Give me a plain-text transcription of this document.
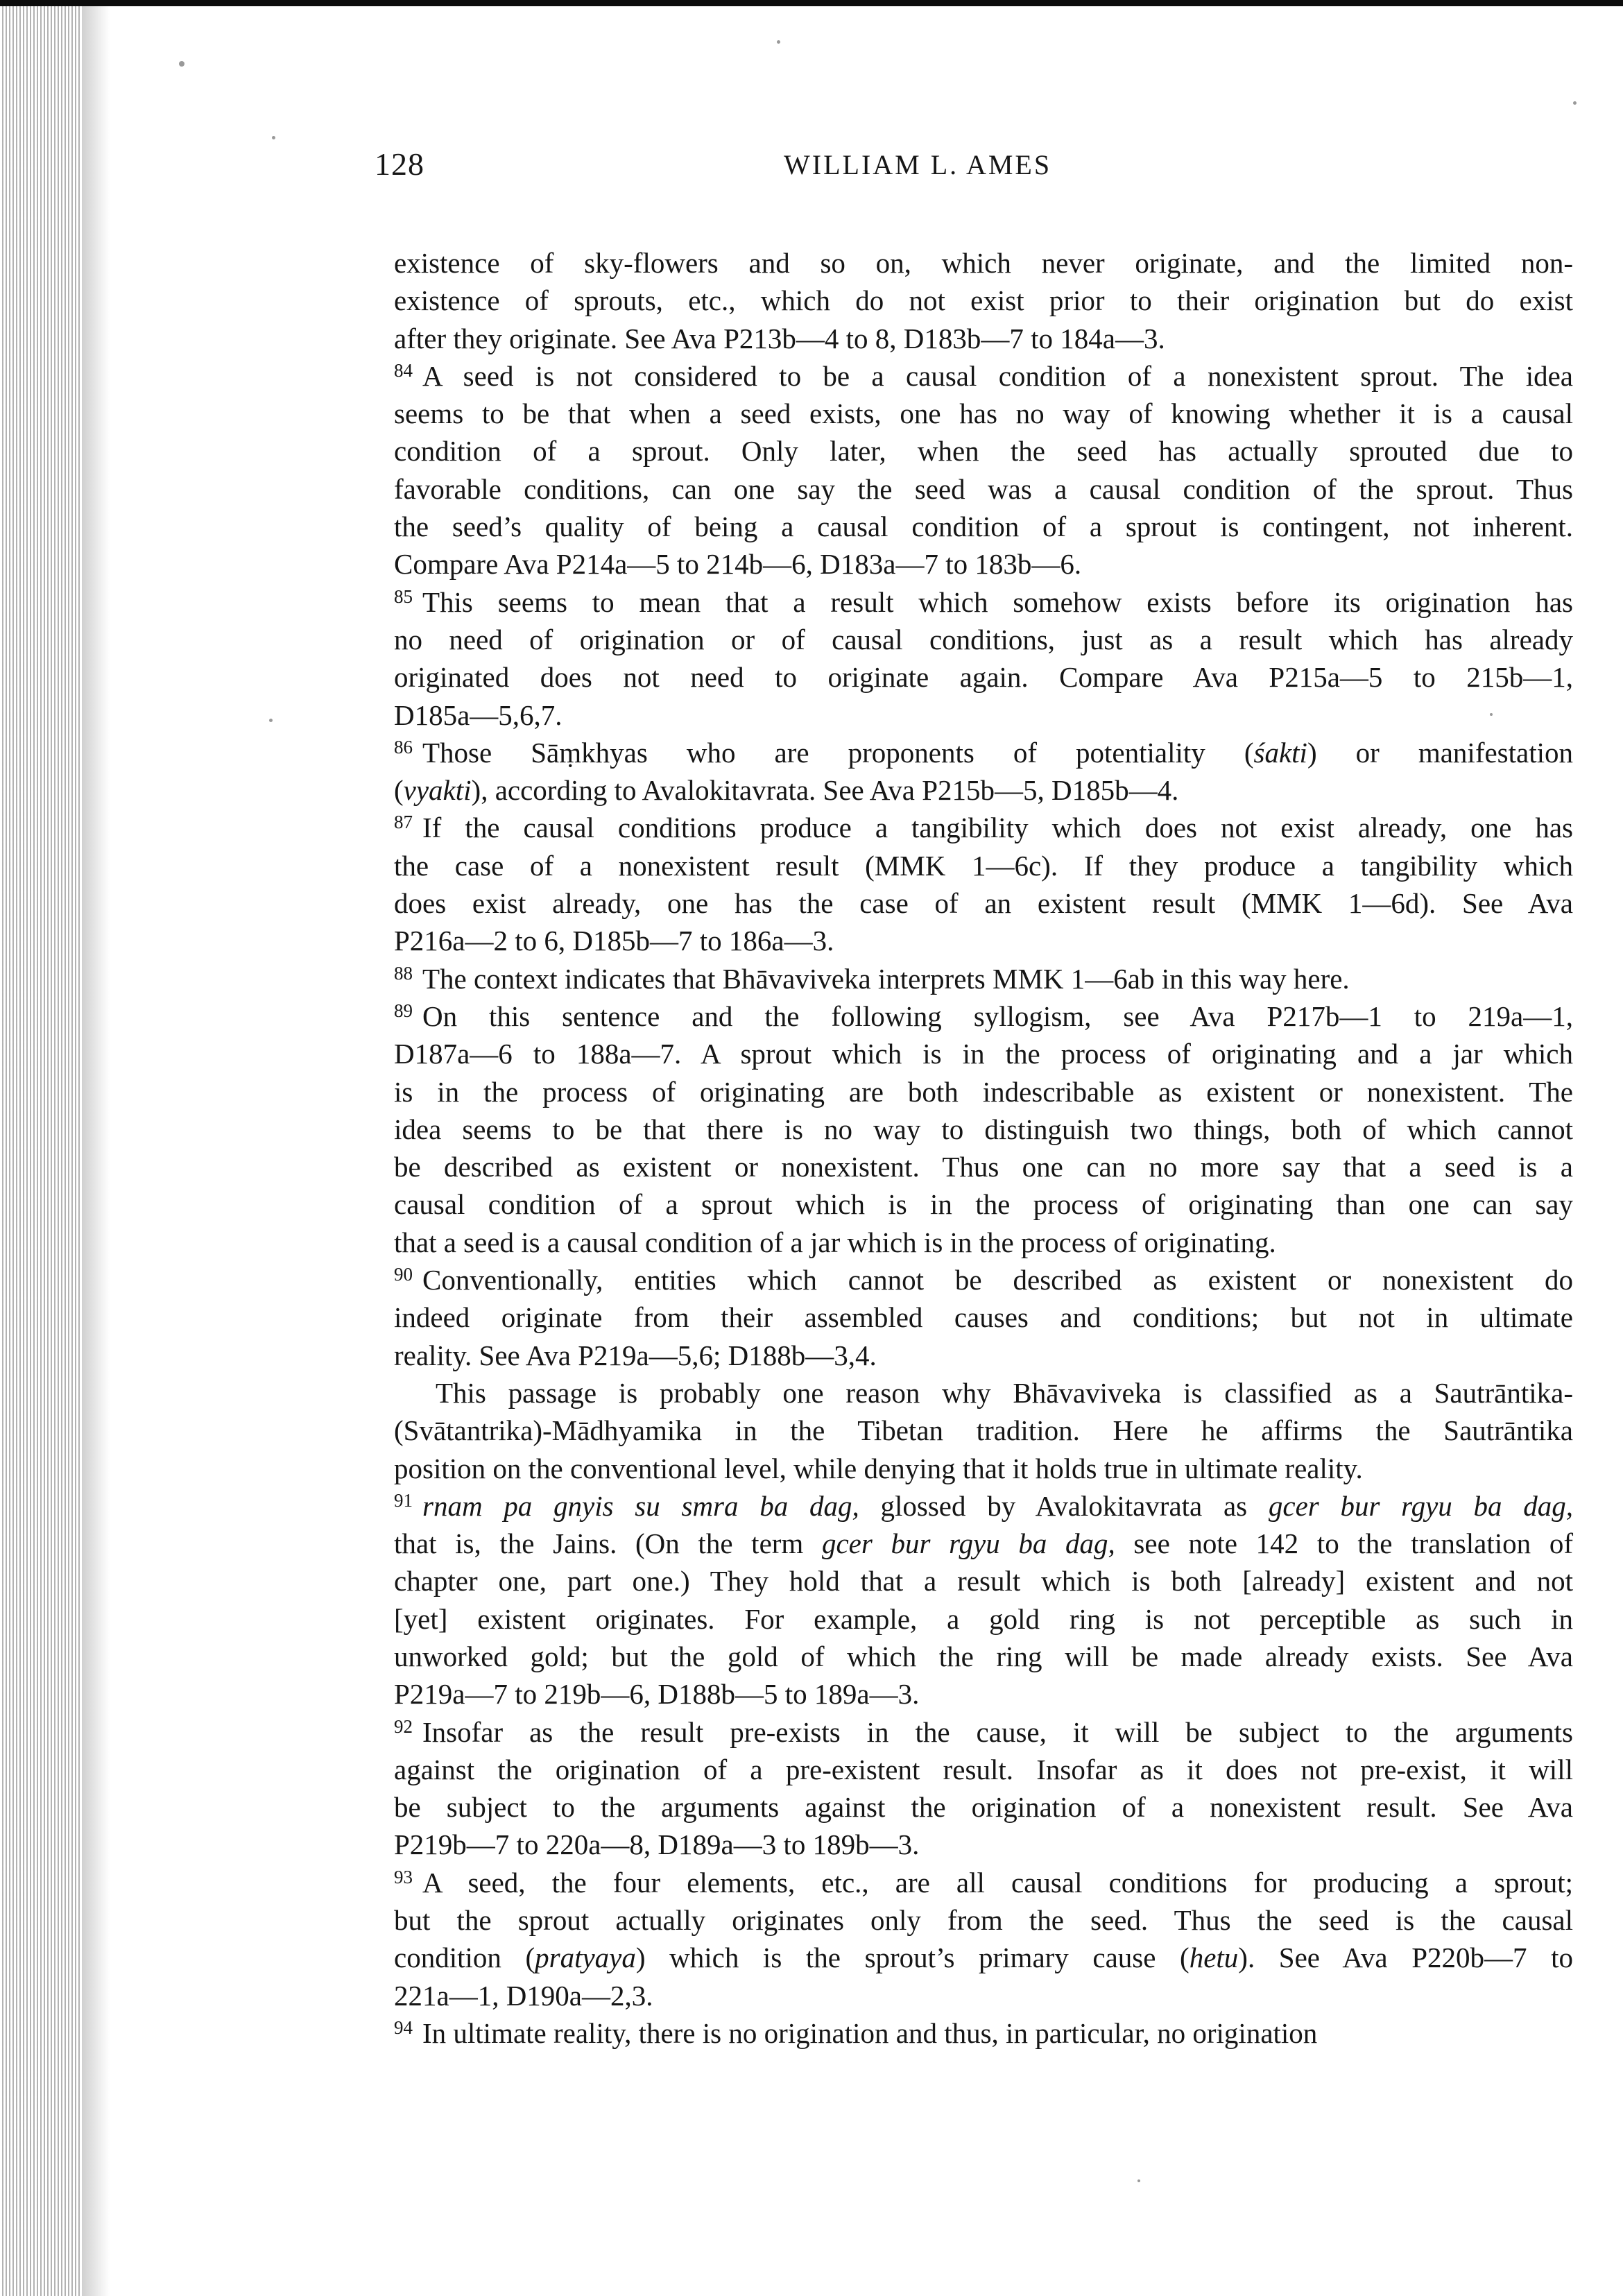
128	WILLIAM L. AMES
existence of sky-flowers and so on, which never originate, and the limited non-
existence of sprouts, etc., which do not exist prior to their origination but do exist
after they originate. See Ava P213b—4 to 8, D183b—7 to 184a—3.
$^{84}$ A seed is not considered to be a causal condition of a nonexistent sprout. The idea
seems to be that when a seed exists, one has no way of knowing whether it is a causal
condition of a sprout. Only later, when the seed has actually sprouted due to
favorable conditions, can one say the seed was a causal condition of the sprout. Thus
the seed’s quality of being a causal condition of a sprout is contingent, not inherent.
Compare Ava P214a—5 to 214b—6, D183a—7 to 183b—6.
$^{85}$ This seems to mean that a result which somehow exists before its origination has
no need of origination or of causal conditions, just as a result which has already
originated does not need to originate again. Compare Ava P215a—5 to 215b—1,
D185a—5,6,7.
$^{86}$ Those Sāṃkhyas who are proponents of potentiality (śakti) or manifestation
(vyakti), according to Avalokitavrata. See Ava P215b—5, D185b—4.
$^{87}$ If the causal conditions produce a tangibility which does not exist already, one has
the case of a nonexistent result (MMK 1—6c). If they produce a tangibility which
does exist already, one has the case of an existent result (MMK 1—6d). See Ava
P216a—2 to 6, D185b—7 to 186a—3.
$^{88}$ The context indicates that Bhāvaviveka interprets MMK 1—6ab in this way here.
$^{89}$ On this sentence and the following syllogism, see Ava P217b—1 to 219a—1,
D187a—6 to 188a—7. A sprout which is in the process of originating and a jar which
is in the process of originating are both indescribable as existent or nonexistent. The
idea seems to be that there is no way to distinguish two things, both of which cannot
be described as existent or nonexistent. Thus one can no more say that a seed is a
causal condition of a sprout which is in the process of originating than one can say
that a seed is a causal condition of a jar which is in the process of originating.
$^{90}$ Conventionally, entities which cannot be described as existent or nonexistent do
indeed originate from their assembled causes and conditions; but not in ultimate
reality. See Ava P219a—5,6; D188b—3,4.
This passage is probably one reason why Bhāvaviveka is classified as a Sautrāntika-
(Svātantrika)-Mādhyamika in the Tibetan tradition. Here he affirms the Sautrāntika
position on the conventional level, while denying that it holds true in ultimate reality.
$^{91}$ rnam pa gnyis su smra ba dag, glossed by Avalokitavrata as gcer bur rgyu ba dag,
that is, the Jains. (On the term gcer bur rgyu ba dag, see note 142 to the translation of
chapter one, part one.) They hold that a result which is both [already] existent and not
[yet] existent originates. For example, a gold ring is not perceptible as such in
unworked gold; but the gold of which the ring will be made already exists. See Ava
P219a—7 to 219b—6, D188b—5 to 189a—3.
$^{92}$ Insofar as the result pre-exists in the cause, it will be subject to the arguments
against the origination of a pre-existent result. Insofar as it does not pre-exist, it will
be subject to the arguments against the origination of a nonexistent result. See Ava
P219b—7 to 220a—8, D189a—3 to 189b—3.
$^{93}$ A seed, the four elements, etc., are all causal conditions for producing a sprout;
but the sprout actually originates only from the seed. Thus the seed is the causal
condition (pratyaya) which is the sprout’s primary cause (hetu). See Ava P220b—7 to
221a—1, D190a—2,3.
$^{94}$ In ultimate reality, there is no origination and thus, in particular, no origination
